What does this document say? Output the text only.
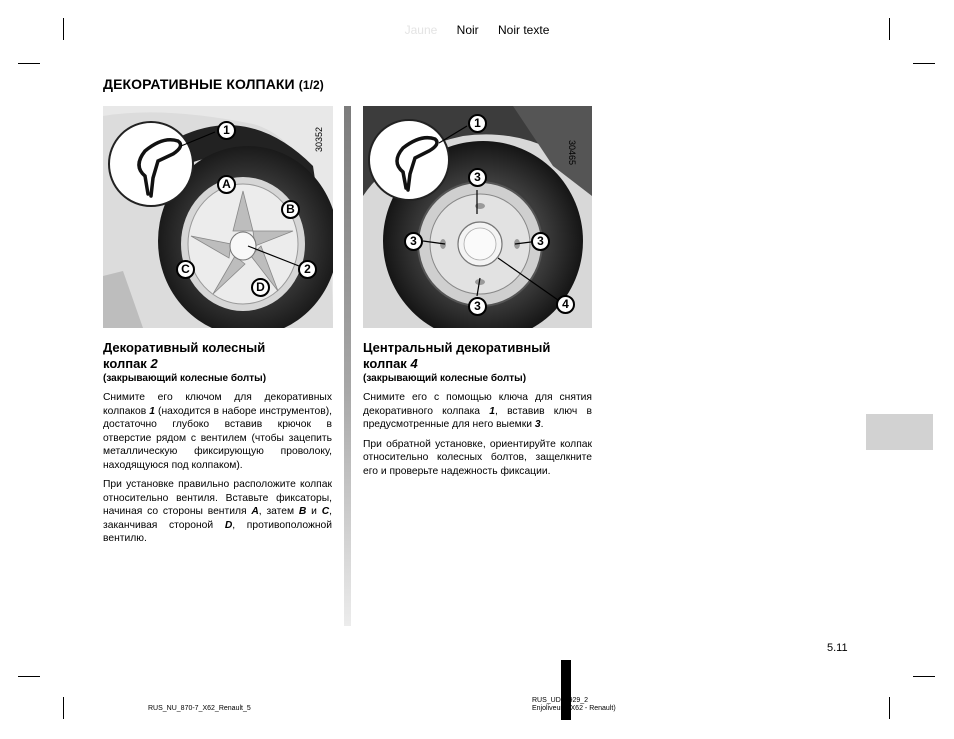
Jaune Noir Noir texte
ДЕКОРАТИВНЫЕ КОЛПАКИ (1/2)
30352
1
A
B
C	2
D
30465
1
3
3	3
3	4
Декоративный колесный
колпак 2
(закрывающий колесные болты)

Снимите его ключом для декоративных колпаков 1 (находится в наборе инструментов), достаточно глубоко вставив крючок в отверстие рядом с вентилем (чтобы зацепить металлическую фиксирующую проволоку, находящуюся под колпаком).

При установке правильно расположите колпак относительно вентиля. Вставьте фиксаторы, начиная со стороны вентиля A, затем B и C, заканчивая стороной D, противоположной вентилю.

Центральный декоративный
колпак 4
(закрывающий колесные болты)

Снимите его с помощью ключа для снятия декоративного колпака 1, вставив ключ в предусмотренные для него выемки 3.

При обратной установке, ориентируйте колпак относительно колесных болтов, защелкните его и проверьте надежность фиксации.

5.11
RUS_NU_870-7_X62_Renault_5
RUS_UD21929_2
Enjoliveurs (X62 - Renault)
